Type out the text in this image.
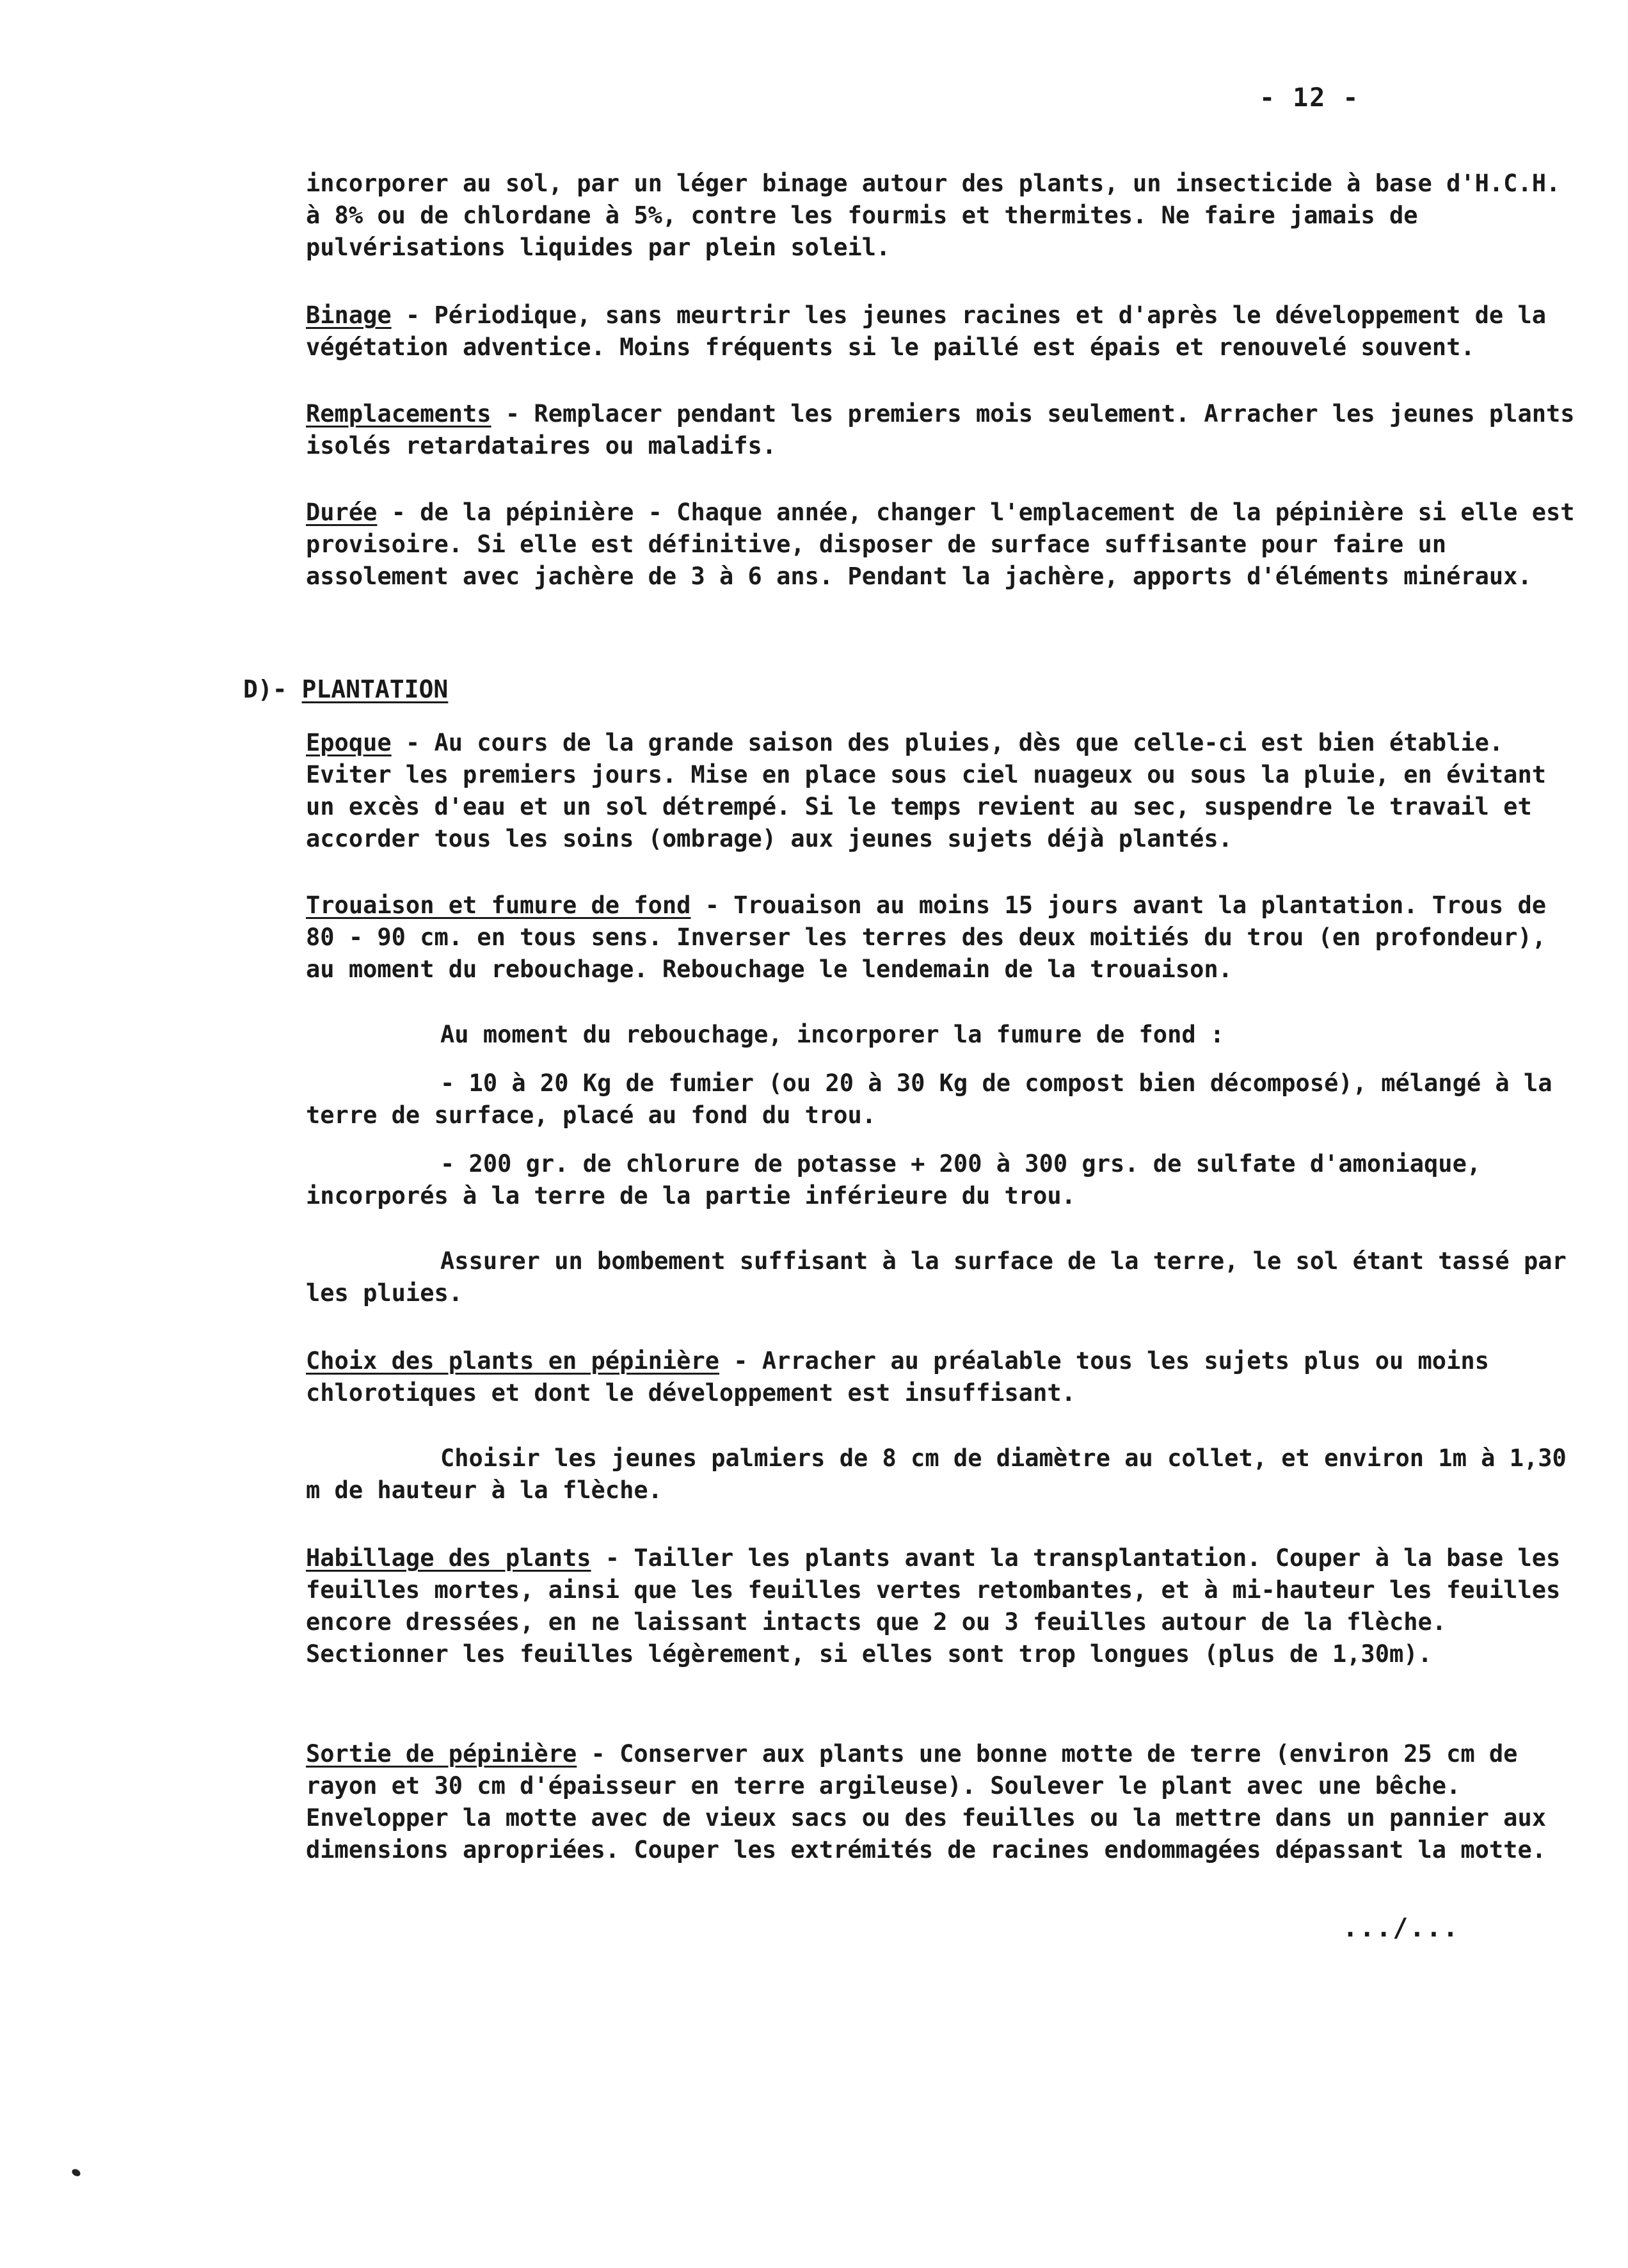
- 12 -

incorporer au sol, par un léger binage autour des plants, un insecticide à base d'H.C.H. à 8% ou de chlordane à 5%, contre les fourmis et thermites. Ne faire jamais de pulvérisations liquides par plein soleil.

Binage - Périodique, sans meurtrir les jeunes racines et d'après le développement de la végétation adventice. Moins fréquents si le paillé est épais et renouvelé souvent.

Remplacements - Remplacer pendant les premiers mois seulement. Arracher les jeunes plants isolés retardataires ou maladifs.

Durée - de la pépinière - Chaque année, changer l'emplacement de la pépinière si elle est provisoire. Si elle est définitive, disposer de surface suffisante pour faire un assolement avec jachère de 3 à 6 ans. Pendant la jachère, apports d'éléments minéraux.

D)- PLANTATION

Epoque - Au cours de la grande saison des pluies, dès que celle-ci est bien établie. Eviter les premiers jours. Mise en place sous ciel nuageux ou sous la pluie, en évitant un excès d'eau et un sol détrempé. Si le temps revient au sec, suspendre le travail et accorder tous les soins (ombrage) aux jeunes sujets déjà plantés.

Trouaison et fumure de fond - Trouaison au moins 15 jours avant la plantation. Trous de 80 - 90 cm. en tous sens. Inverser les terres des deux moitiés du trou (en profondeur), au moment du rebouchage. Rebouchage le lendemain de la trouaison.

Au moment du rebouchage, incorporer la fumure de fond :

- 10 à 20 Kg de fumier (ou 20 à 30 Kg de compost bien décomposé), mélangé à la terre de surface, placé au fond du trou.

- 200 gr. de chlorure de potasse + 200 à 300 grs. de sulfate d'amoniaque, incorporés à la terre de la partie inférieure du trou.

Assurer un bombement suffisant à la surface de la terre, le sol étant tassé par les pluies.

Choix des plants en pépinière - Arracher au préalable tous les sujets plus ou moins chlorotiques et dont le développement est insuffisant.

Choisir les jeunes palmiers de 8 cm de diamètre au collet, et environ 1m à 1,30 m de hauteur à la flèche.

Habillage des plants - Tailler les plants avant la transplantation. Couper à la base les feuilles mortes, ainsi que les feuilles vertes retombantes, et à mi-hauteur les feuilles encore dressées, en ne laissant intacts que 2 ou 3 feuilles autour de la flèche. Sectionner les feuilles légèrement, si elles sont trop longues (plus de 1,30m).

Sortie de pépinière - Conserver aux plants une bonne motte de terre (environ 25 cm de rayon et 30 cm d'épaisseur en terre argileuse). Soulever le plant avec une bêche. Envelopper la motte avec de vieux sacs ou des feuilles ou la mettre dans un pannier aux dimensions apropriées. Couper les extrémités de racines endommagées dépassant la motte.

.../...
